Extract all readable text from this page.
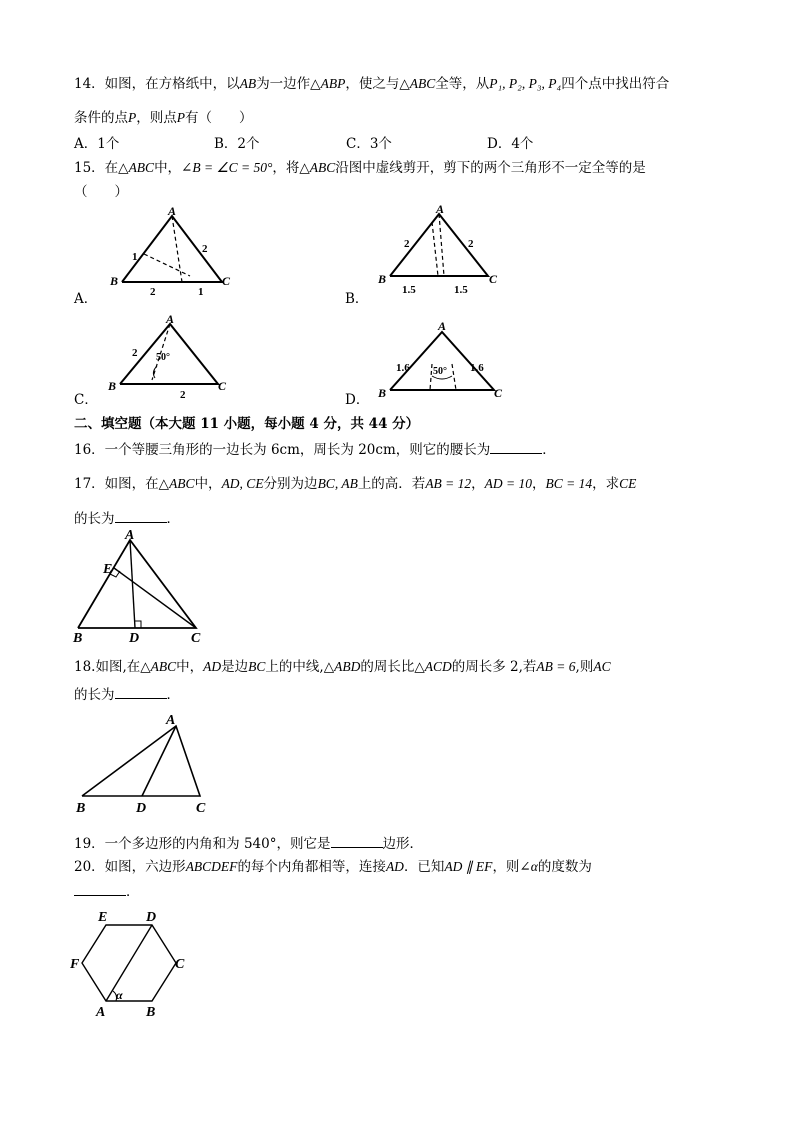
14．如图，在方格纸中，以AB为一边作△ABP，使之与△ABC全等，从P₁, P₂, P₃, P₄四个点中找出符合
条件的点P，则点P有（　　）
A．1个	B．2个	C．3个	D．4个
15．在△ABC中，∠B = ∠C = 50°，将△ABC沿图中虚线剪开，剪下的两个三角形不一定全等的是
（　　）
A．
A
B	C
1
2
2	1	B．
A
B	C
2	2
1.5	1.5
C．
A
B	C
2
2
50°
D．
A
B	C
1.6	1.6
50°
二、填空题（本大题 11 小题，每小题 4 分，共 44 分）
16．一个等腰三角形的一边长为 6cm，周长为 20cm，则它的腰长为	．
17．如图，在△ABC中，AD, CE分别为边BC, AB上的高．若AB = 12，AD = 10，BC = 14，求CE
的长为	．
A
B	C
D
E
18.如图,在△ABC中，AD是边BC上的中线,△ABD的周长比△ACD的周长多 2,若AB = 6,则AC
的长为	．
A
B	C
D
19．一个多边形的内角和为 540°，则它是	边形．
20．如图，六边形ABCDEF的每个内角都相等，连接AD．已知AD ∥ EF，则∠α的度数为
．
A	B
C
D
E
F
α
